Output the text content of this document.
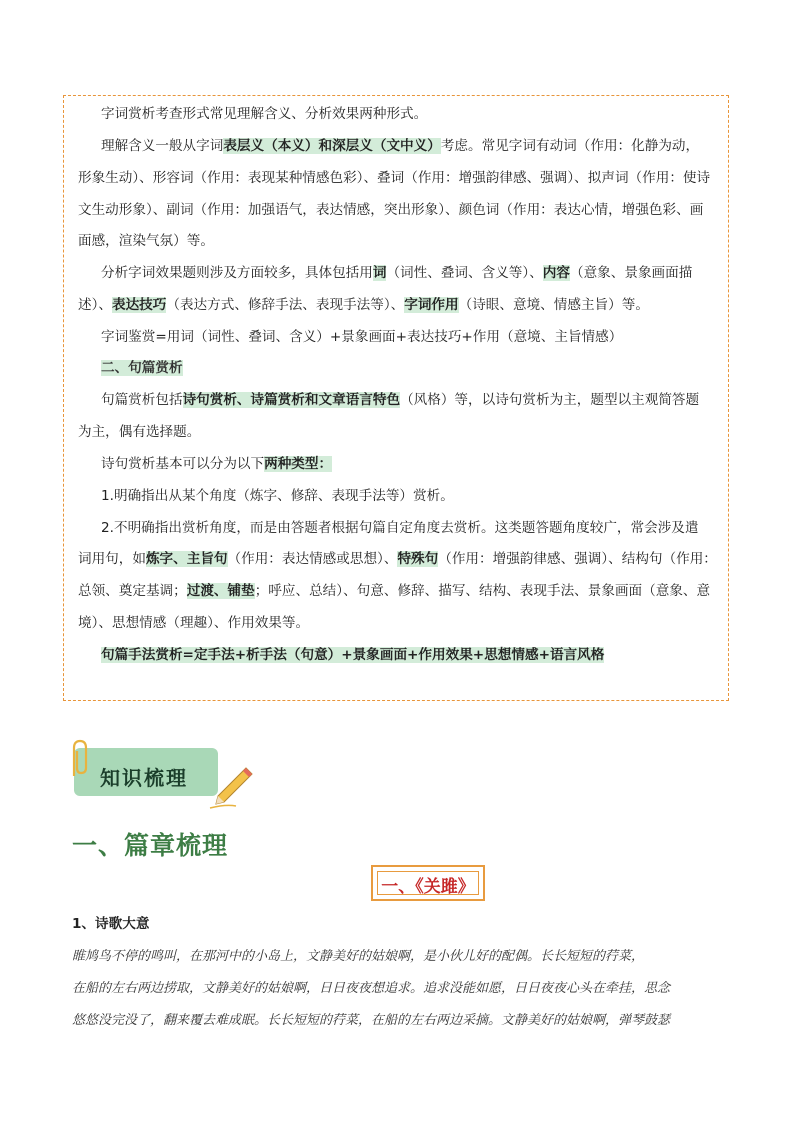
字词赏析考查形式常见理解含义、分析效果两种形式。
理解含义一般从字词表层义（本义）和深层义（文中义）考虑。常见字词有动词（作用：化静为动，
形象生动）、形容词（作用：表现某种情感色彩）、叠词（作用：增强韵律感、强调）、拟声词（作用：使诗
文生动形象）、副词（作用：加强语气，表达情感，突出形象）、颜色词（作用：表达心情，增强色彩、画
面感，渲染气氛）等。
分析字词效果题则涉及方面较多，具体包括用词（词性、叠词、含义等）、内容（意象、景象画面描
述）、表达技巧（表达方式、修辞手法、表现手法等）、字词作用（诗眼、意境、情感主旨）等。
字词鉴赏=用词（词性、叠词、含义）+景象画面+表达技巧+作用（意境、主旨情感）
二、句篇赏析
句篇赏析包括诗句赏析、诗篇赏析和文章语言特色（风格）等，以诗句赏析为主，题型以主观简答题
为主，偶有选择题。
诗句赏析基本可以分为以下两种类型：
1.明确指出从某个角度（炼字、修辞、表现手法等）赏析。
2.不明确指出赏析角度，而是由答题者根据句篇自定角度去赏析。这类题答题角度较广，常会涉及遣
词用句，如炼字、主旨句（作用：表达情感或思想）、特殊句（作用：增强韵律感、强调）、结构句（作用：
总领、奠定基调；过渡、铺垫；呼应、总结）、句意、修辞、描写、结构、表现手法、景象画面（意象、意
境）、思想情感（理趣）、作用效果等。
句篇手法赏析=定手法+析手法（句意）+景象画面+作用效果+思想情感+语言风格
知识梳理
一、篇章梳理
一、《关雎》
1、诗歌大意
睢鸠鸟不停的鸣叫，在那河中的小岛上，文静美好的姑娘啊，是小伙儿好的配偶。长长短短的荇菜，
在船的左右两边捞取，文静美好的姑娘啊，日日夜夜想追求。追求没能如愿，日日夜夜心头在牵挂，思念
悠悠没完没了，翻来覆去难成眠。长长短短的荇菜，在船的左右两边采摘。文静美好的姑娘啊，弹琴鼓瑟
